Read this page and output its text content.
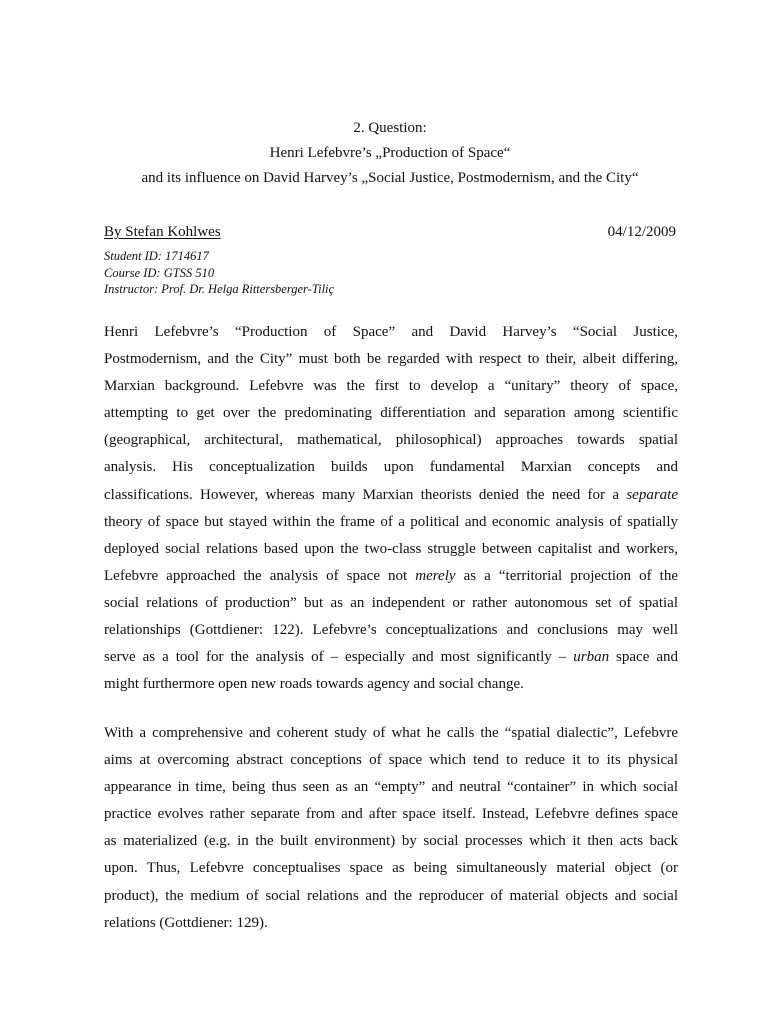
2. Question:
Henri Lefebvre’s „Production of Space“
and its influence on David Harvey’s „Social Justice, Postmodernism, and the City“
By Stefan Kohlwes	04/12/2009
Student ID: 1714617
Course ID: GTSS 510
Instructor: Prof. Dr. Helga Rittersberger-Tiliç
Henri Lefebvre’s “Production of Space” and David Harvey’s “Social Justice,
Postmodernism, and the City” must both be regarded with respect to their, albeit differing,
Marxian background. Lefebvre was the first to develop a “unitary” theory of space,
attempting to get over the predominating differentiation and separation among scientific
(geographical, architectural, mathematical, philosophical) approaches towards spatial
analysis. His conceptualization builds upon fundamental Marxian concepts and
classifications. However, whereas many Marxian theorists denied the need for a separate
theory of space but stayed within the frame of a political and economic analysis of spatially
deployed social relations based upon the two-class struggle between capitalist and workers,
Lefebvre approached the analysis of space not merely as a “territorial projection of the
social relations of production” but as an independent or rather autonomous set of spatial
relationships (Gottdiener: 122). Lefebvre’s conceptualizations and conclusions may well
serve as a tool for the analysis of – especially and most significantly – urban space and
might furthermore open new roads towards agency and social change.
With a comprehensive and coherent study of what he calls the “spatial dialectic”, Lefebvre
aims at overcoming abstract conceptions of space which tend to reduce it to its physical
appearance in time, being thus seen as an “empty” and neutral “container” in which social
practice evolves rather separate from and after space itself. Instead, Lefebvre defines space
as materialized (e.g. in the built environment) by social processes which it then acts back
upon. Thus, Lefebvre conceptualises space as being simultaneously material object (or
product), the medium of social relations and the reproducer of material objects and social
relations (Gottdiener: 129).
